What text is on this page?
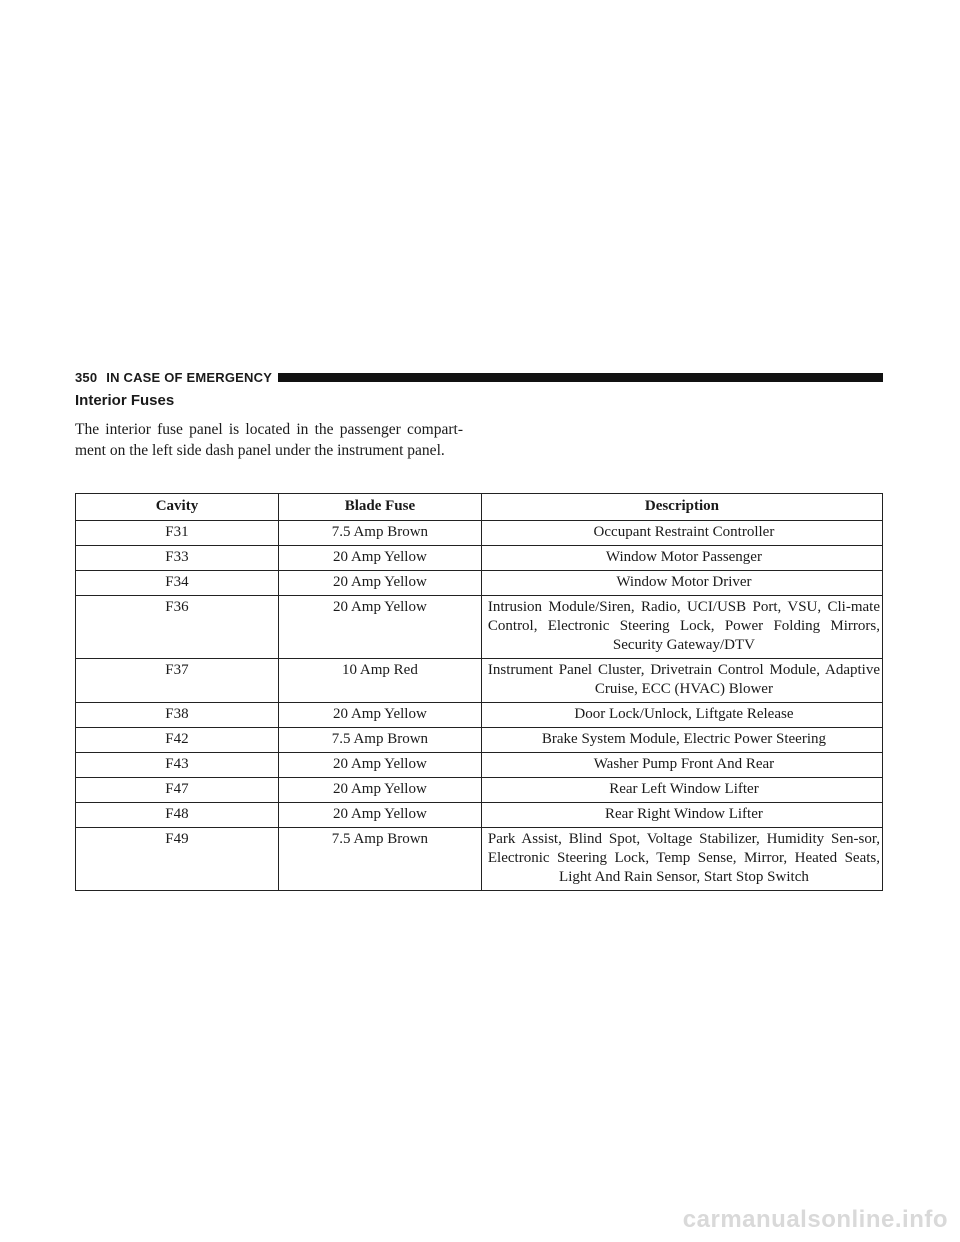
350 IN CASE OF EMERGENCY
Interior Fuses

The interior fuse panel is located in the passenger compart-ment on the left side dash panel under the instrument panel.

Cavity	Blade Fuse	Description
F31	7.5 Amp Brown	Occupant Restraint Controller
F33	20 Amp Yellow	Window Motor Passenger
F34	20 Amp Yellow	Window Motor Driver
F36	20 Amp Yellow	Intrusion Module/Siren, Radio, UCI/USB Port, VSU, Cli-mate Control, Electronic Steering Lock, Power Folding Mirrors, Security Gateway/DTV
F37	10 Amp Red	Instrument Panel Cluster, Drivetrain Control Module, Adaptive Cruise, ECC (HVAC) Blower
F38	20 Amp Yellow	Door Lock/Unlock, Liftgate Release
F42	7.5 Amp Brown	Brake System Module, Electric Power Steering
F43	20 Amp Yellow	Washer Pump Front And Rear
F47	20 Amp Yellow	Rear Left Window Lifter
F48	20 Amp Yellow	Rear Right Window Lifter
F49	7.5 Amp Brown	Park Assist, Blind Spot, Voltage Stabilizer, Humidity Sen-sor, Electronic Steering Lock, Temp Sense, Mirror, Heated Seats, Light And Rain Sensor, Start Stop Switch
carmanualsonline.info
